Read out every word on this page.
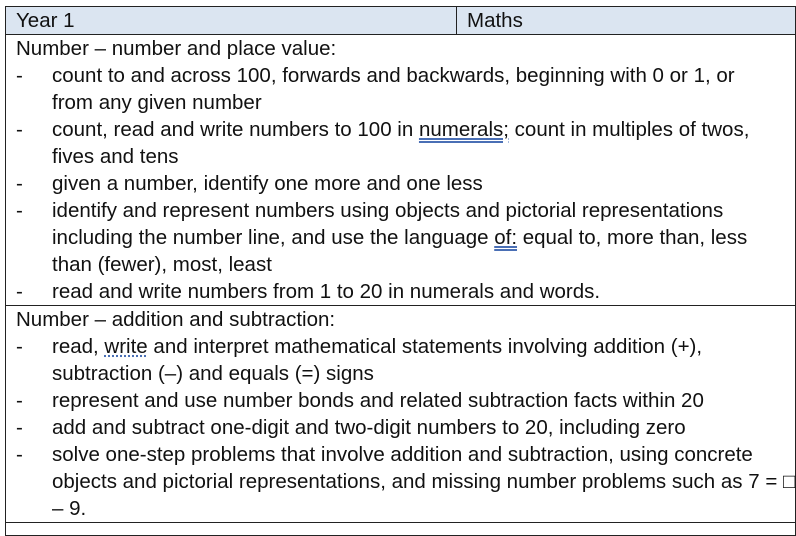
Year 1	Maths

Number – number and place value:
- count to and across 100, forwards and backwards, beginning with 0 or 1, or
from any given number
- count, read and write numbers to 100 in numerals; count in multiples of twos,
fives and tens
- given a number, identify one more and one less
- identify and represent numbers using objects and pictorial representations
including the number line, and use the language of: equal to, more than, less
than (fewer), most, least
- read and write numbers from 1 to 20 in numerals and words.

Number – addition and subtraction:
- read, write and interpret mathematical statements involving addition (+),
subtraction (–) and equals (=) signs
- represent and use number bonds and related subtraction facts within 20
- add and subtract one-digit and two-digit numbers to 20, including zero
- solve one-step problems that involve addition and subtraction, using concrete
objects and pictorial representations, and missing number problems such as 7 = □
– 9.
